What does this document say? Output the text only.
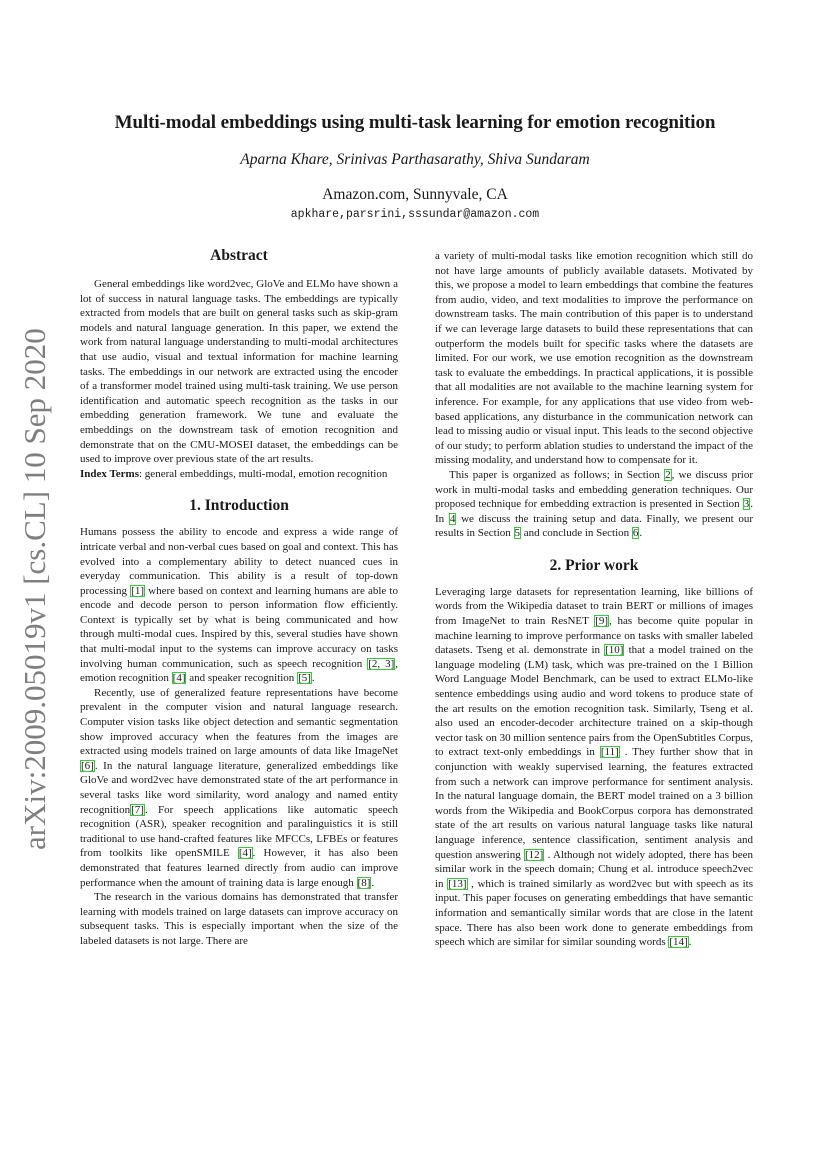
arXiv:2009.05019v1 [cs.CL] 10 Sep 2020
Multi-modal embeddings using multi-task learning for emotion recognition
Aparna Khare, Srinivas Parthasarathy, Shiva Sundaram
Amazon.com, Sunnyvale, CA
apkhare,parsrini,sssundar@amazon.com
Abstract

General embeddings like word2vec, GloVe and ELMo have shown a lot of success in natural language tasks. The embeddings are typically extracted from models that are built on general tasks such as skip-gram models and natural language generation. In this paper, we extend the work from natural language understanding to multi-modal architectures that use audio, visual and textual information for machine learning tasks. The embeddings in our network are extracted using the encoder of a transformer model trained using multi-task training. We use person identification and automatic speech recognition as the tasks in our embedding generation framework. We tune and evaluate the embeddings on the downstream task of emotion recognition and demonstrate that on the CMU-MOSEI dataset, the embeddings can be used to improve over previous state of the art results.

Index Terms: general embeddings, multi-modal, emotion recognition

1. Introduction

Humans possess the ability to encode and express a wide range of intricate verbal and non-verbal cues based on goal and context. This has evolved into a complementary ability to detect nuanced cues in everyday communication. This ability is a result of top-down processing [1] where based on context and learning humans are able to encode and decode person to person information flow efficiently. Context is typically set by what is being communicated and how through multi-modal cues. Inspired by this, several studies have shown that multi-modal input to the systems can improve accuracy on tasks involving human communication, such as speech recognition [2, 3], emotion recognition [4] and speaker recognition [5].

Recently, use of generalized feature representations have become prevalent in the computer vision and natural language research. Computer vision tasks like object detection and semantic segmentation show improved accuracy when the features from the images are extracted using models trained on large amounts of data like ImageNet [6]. In the natural language literature, generalized embeddings like GloVe and word2vec have demonstrated state of the art performance in several tasks like word similarity, word analogy and named entity recognition[7]. For speech applications like automatic speech recognition (ASR), speaker recognition and paralinguistics it is still traditional to use hand-crafted features like MFCCs, LFBEs or features from toolkits like openSMILE [4]. However, it has also been demonstrated that features learned directly from audio can improve performance when the amount of training data is large enough [8].

The research in the various domains has demonstrated that transfer learning with models trained on large datasets can improve accuracy on subsequent tasks. This is especially important when the size of the labeled datasets is not large. There are

a variety of multi-modal tasks like emotion recognition which still do not have large amounts of publicly available datasets. Motivated by this, we propose a model to learn embeddings that combine the features from audio, video, and text modalities to improve the performance on downstream tasks. The main contribution of this paper is to understand if we can leverage large datasets to build these representations that can outperform the models built for specific tasks where the datasets are limited. For our work, we use emotion recognition as the downstream task to evaluate the embeddings. In practical applications, it is possible that all modalities are not available to the machine learning system for inference. For example, for any applications that use video from web-based applications, any disturbance in the communication network can lead to missing audio or visual input. This leads to the second objective of our study; to perform ablation studies to understand the impact of the missing modality, and understand how to compensate for it.

This paper is organized as follows; in Section 2, we discuss prior work in multi-modal tasks and embedding generation techniques. Our proposed technique for embedding extraction is presented in Section 3. In 4 we discuss the training setup and data. Finally, we present our results in Section 5 and conclude in Section 6.

2. Prior work

Leveraging large datasets for representation learning, like billions of words from the Wikipedia dataset to train BERT or millions of images from ImageNet to train ResNET [9], has become quite popular in machine learning to improve performance on tasks with smaller labeled datasets. Tseng et al. demonstrate in [10] that a model trained on the language modeling (LM) task, which was pre-trained on the 1 Billion Word Language Model Benchmark, can be used to extract ELMo-like sentence embeddings using audio and word tokens to produce state of the art results on the emotion recognition task. Similarly, Tseng et al. also used an encoder-decoder architecture trained on a skip-though vector task on 30 million sentence pairs from the OpenSubtitles Corpus, to extract text-only embeddings in [11] . They further show that in conjunction with weakly supervised learning, the features extracted from such a network can improve performance for sentiment analysis. In the natural language domain, the BERT model trained on a 3 billion words from the Wikipedia and BookCorpus corpora has demonstrated state of the art results on various natural language tasks like natural language inference, sentence classification, sentiment analysis and question answering [12] . Although not widely adopted, there has been similar work in the speech domain; Chung et al. introduce speech2vec in [13] , which is trained similarly as word2vec but with speech as its input. This paper focuses on generating embeddings that have semantic information and semantically similar words that are close in the latent space. There has also been work done to generate embeddings from speech which are similar for similar sounding words [14].
